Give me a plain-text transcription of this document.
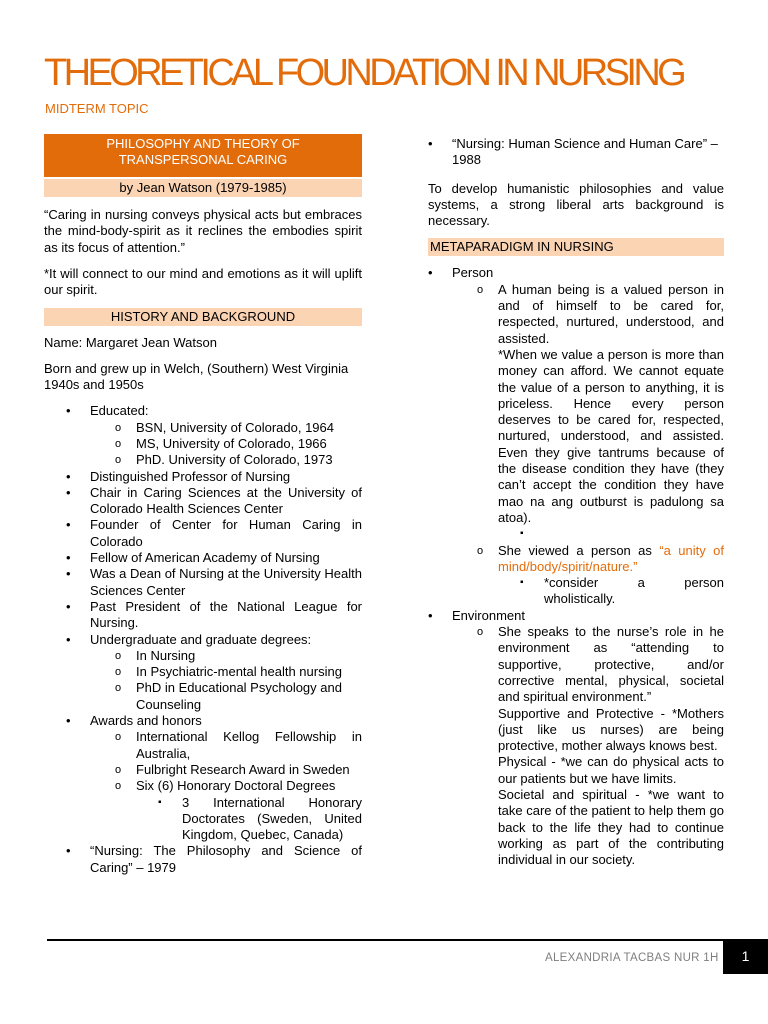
THEORETICAL FOUNDATION IN NURSING
MIDTERM TOPIC
PHILOSOPHY AND THEORY OF TRANSPERSONAL CARING
by Jean Watson (1979-1985)

“Caring in nursing conveys physical acts but embraces the mind-body-spirit as it reclines the embodies spirit as its focus of attention.”

*It will connect to our mind and emotions as it will uplift our spirit.

HISTORY AND BACKGROUND

Name: Margaret Jean Watson

Born and grew up in Welch, (Southern) West Virginia 1940s and 1950s

• Educated:
o BSN, University of Colorado, 1964
o MS, University of Colorado, 1966
o PhD. University of Colorado, 1973
• Distinguished Professor of Nursing
• Chair in Caring Sciences at the University of Colorado Health Sciences Center
• Founder of Center for Human Caring in Colorado
• Fellow of American Academy of Nursing
• Was a Dean of Nursing at the University Health Sciences Center
• Past President of the National League for Nursing.
• Undergraduate and graduate degrees:
o In Nursing
o In Psychiatric-mental health nursing
o PhD in Educational Psychology and Counseling
• Awards and honors
o International Kellog Fellowship in Australia,
o Fulbright Research Award in Sweden
o Six (6) Honorary Doctoral Degrees
▪ 3 International Honorary Doctorates (Sweden, United Kingdom, Quebec, Canada)
• “Nursing: The Philosophy and Science of Caring” – 1979
• “Nursing: Human Science and Human Care” – 1988

To develop humanistic philosophies and value systems, a strong liberal arts background is necessary.

METAPARADIGM IN NURSING
• Person

o A human being is a valued person in and of himself to be cared for, respected, nurtured, understood, and assisted.

*When we value a person is more than money can afford. We cannot equate the value of a person to anything, it is priceless. Hence every person deserves to be cared for, respected, nurtured, understood, and assisted. Even they give tantrums because of the disease condition they have (they can’t accept the condition they have mao na ang outburst is padulong sa atoa).

▪
o She viewed a person as “a unity of mind/body/spirit/nature.”
▪ *consider a person wholistically.
• Environment

o She speaks to the nurse’s role in he environment as “attending to supportive, protective, and/or corrective mental, physical, societal and spiritual environment.”

Supportive and Protective - *Mothers (just like us nurses) are being protective, mother always knows best.

Physical - *we can do physical acts to our patients but we have limits.

Societal and spiritual - *we want to take care of the patient to help them go back to the life they had to continue working as part of the contributing individual in our society.

ALEXANDRIA TACBAS NUR 1H	1
